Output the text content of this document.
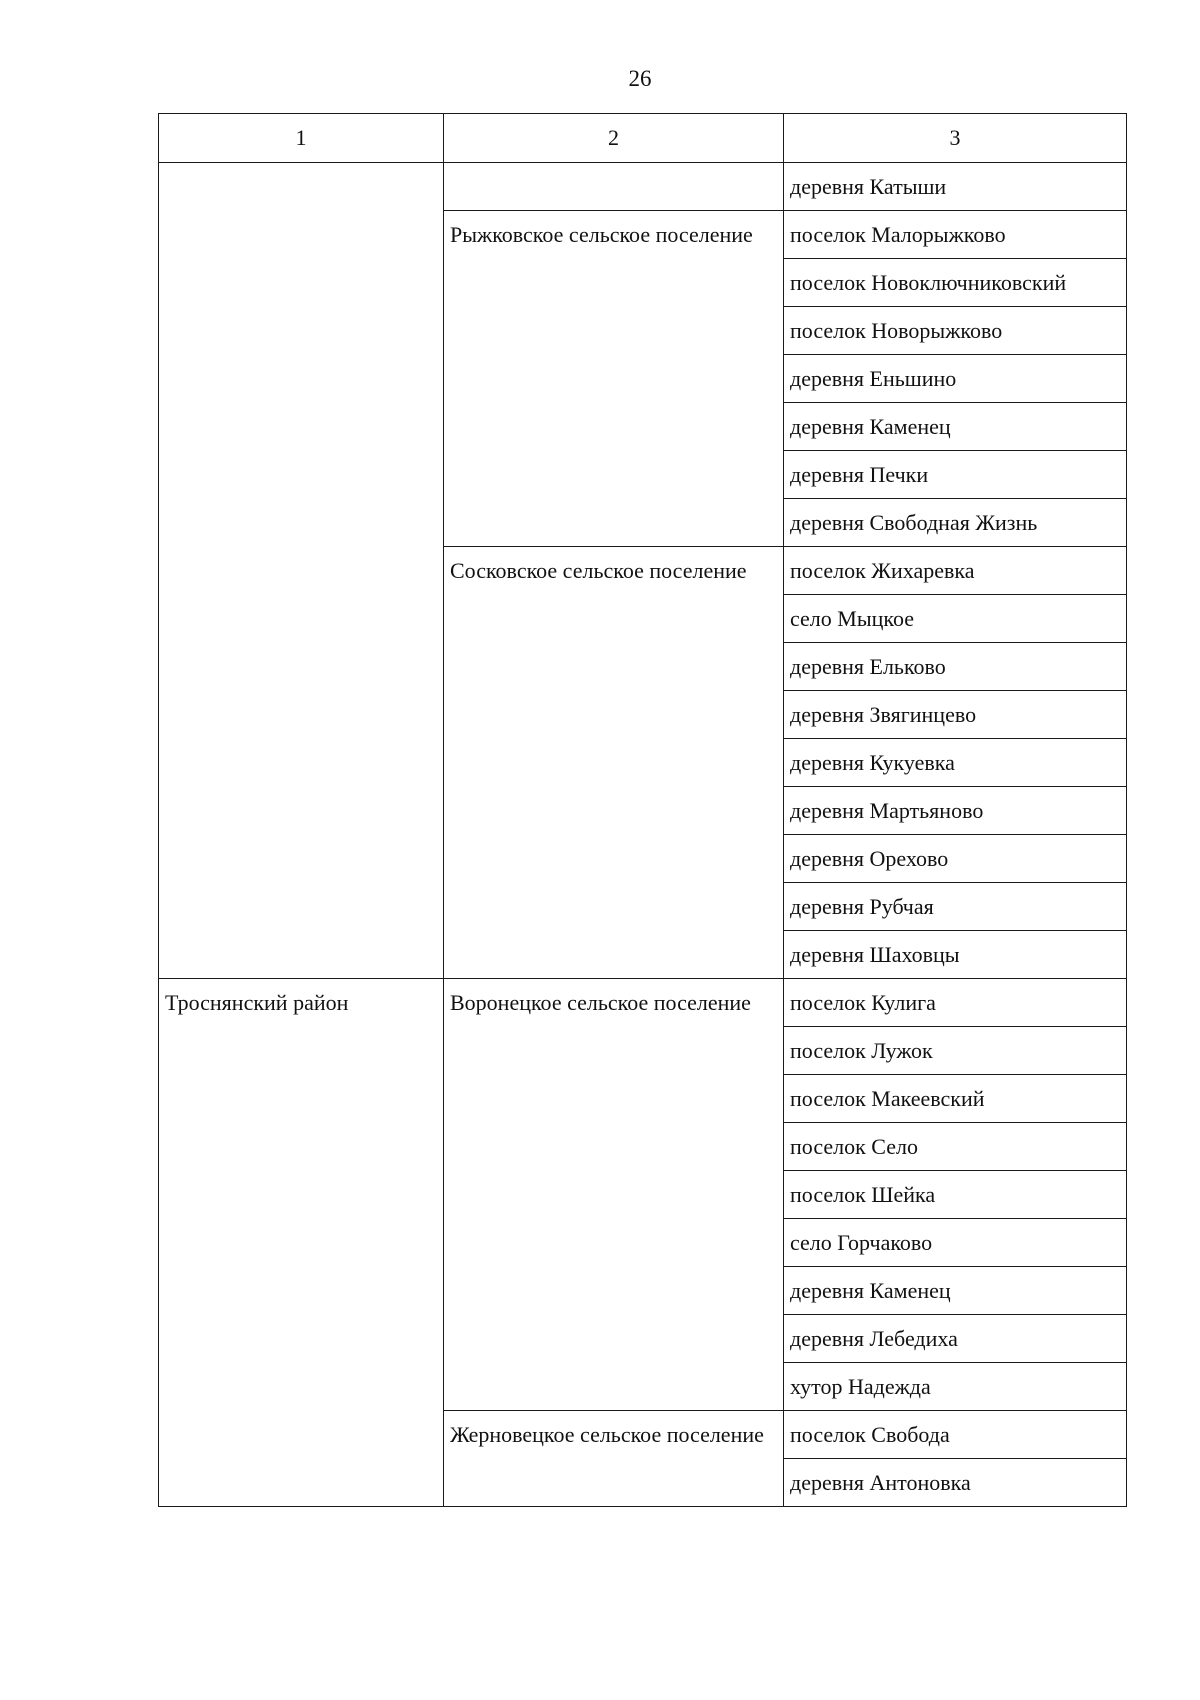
26
1	2	3
		деревня Катыши
	Рыжковское сельское поселение	поселок Малорыжково
		поселок Новоключниковский
		поселок Новорыжково
		деревня Еньшино
		деревня Каменец
		деревня Печки
		деревня Свободная Жизнь
	Сосковское сельское поселение	поселок Жихаревка
		село Мыцкое
		деревня Ельково
		деревня Звягинцево
		деревня Кукуевка
		деревня Мартьяново
		деревня Орехово
		деревня Рубчая
		деревня Шаховцы
Троснянский район	Воронецкое сельское поселение	поселок Кулига
		поселок Лужок
		поселок Макеевский
		поселок Село
		поселок Шейка
		село Горчаково
		деревня Каменец
		деревня Лебедиха
		хутор Надежда
	Жерновецкое сельское поселение	поселок Свобода
		деревня Антоновка
